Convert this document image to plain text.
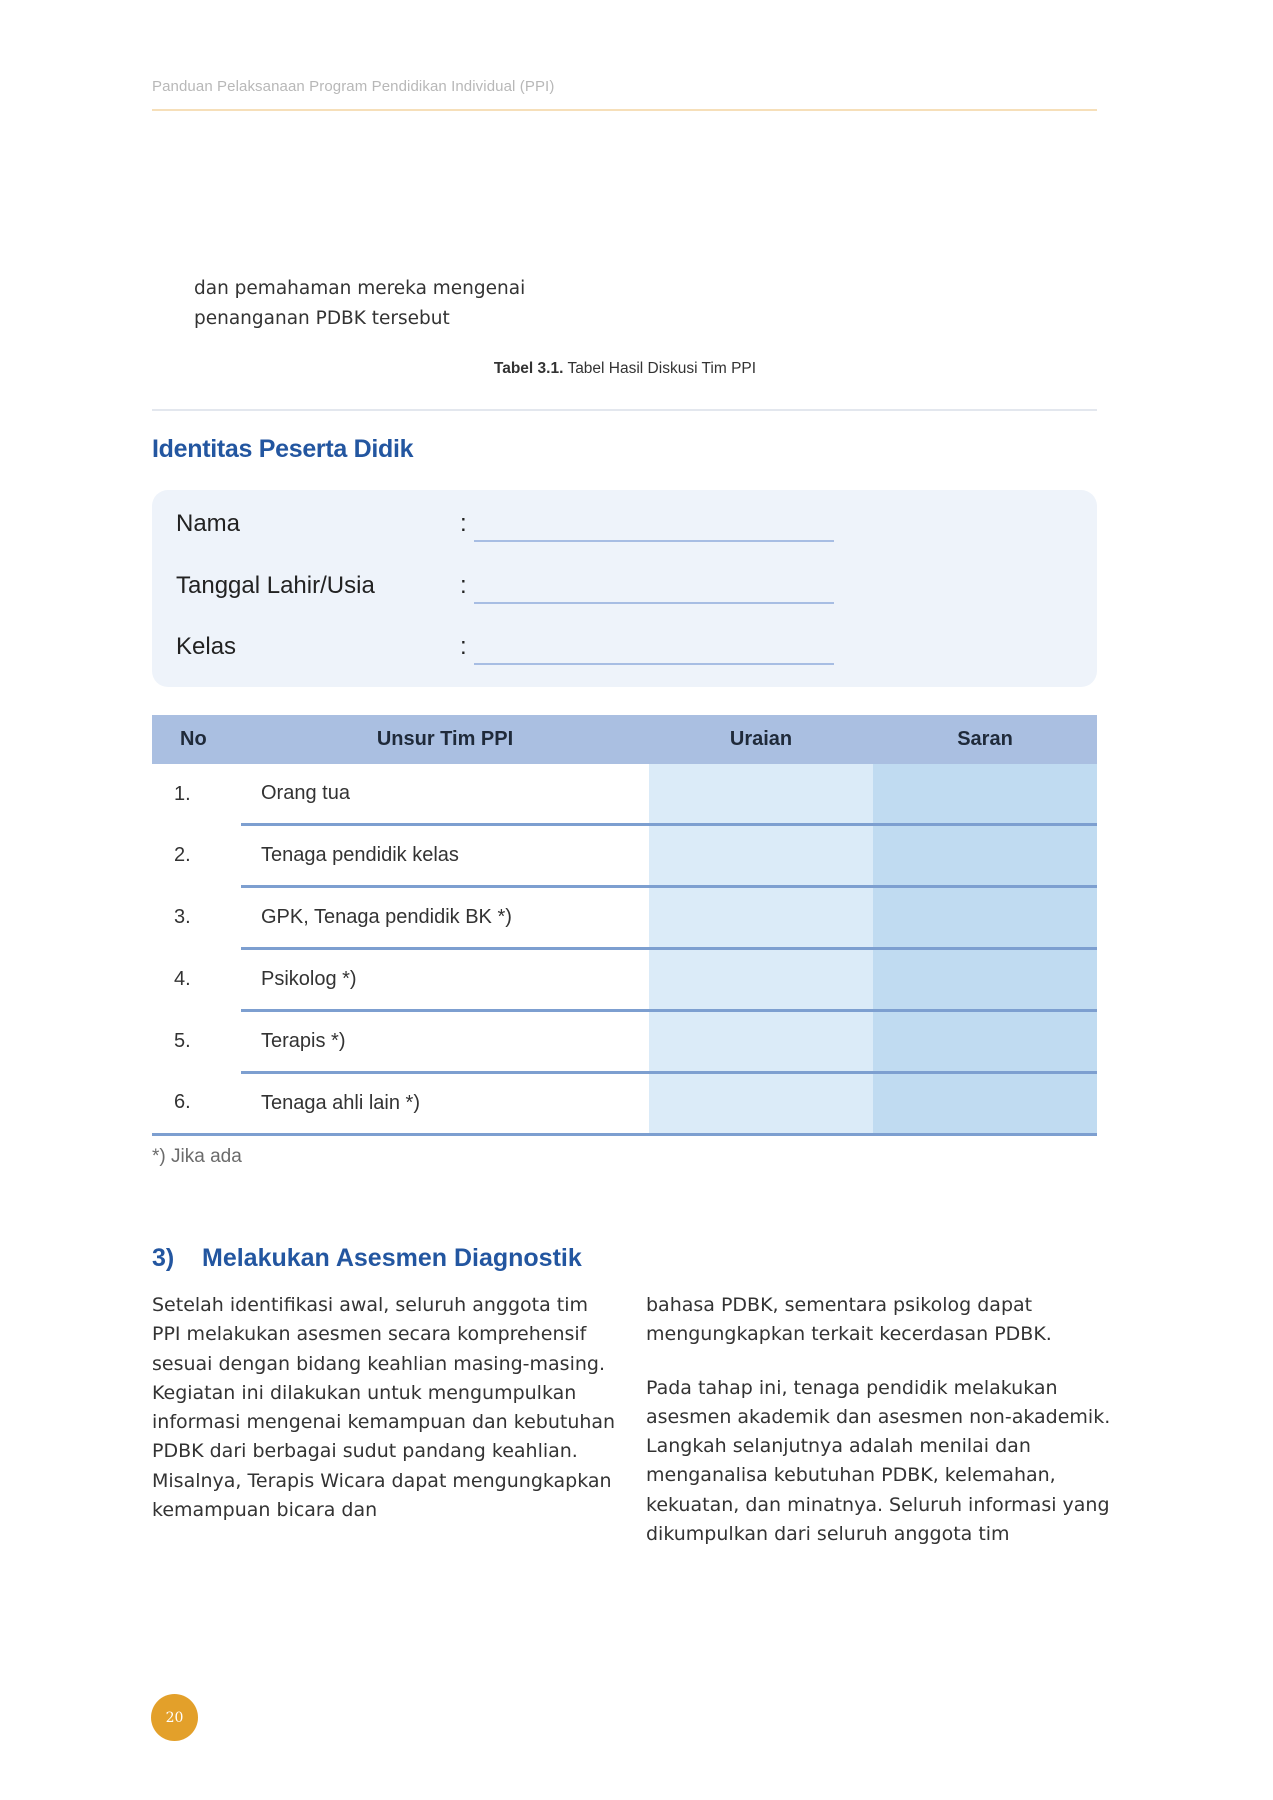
Panduan Pelaksanaan Program Pendidikan Individual (PPI)
dan pemahaman mereka mengenai
penanganan PDBK tersebut
Tabel 3.1. Tabel Hasil Diskusi Tim PPI
Identitas Peserta Didik
Nama	:
Tanggal Lahir/Usia	:
Kelas	:
No	Unsur Tim PPI	Uraian	Saran
1.	Orang tua		
2.	Tenaga pendidik kelas		
3.	GPK, Tenaga pendidik BK *)		
4.	Psikolog *)		
5.	Terapis *)		
6.	Tenaga ahli lain *)		
*) Jika ada
3) Melakukan Asesmen Diagnostik

Setelah identifikasi awal, seluruh anggota tim PPI melakukan asesmen secara komprehensif sesuai dengan bidang keahlian masing-masing. Kegiatan ini dilakukan untuk mengumpulkan informasi mengenai kemampuan dan kebutuhan PDBK dari berbagai sudut pandang keahlian. Misalnya, Terapis Wicara dapat mengungkapkan kemampuan bicara dan

bahasa PDBK, sementara psikolog dapat mengungkapkan terkait kecerdasan PDBK.

Pada tahap ini, tenaga pendidik melakukan asesmen akademik dan asesmen non-akademik. Langkah selanjutnya adalah menilai dan menganalisa kebutuhan PDBK, kelemahan, kekuatan, dan minatnya. Seluruh informasi yang dikumpulkan dari seluruh anggota tim

20
